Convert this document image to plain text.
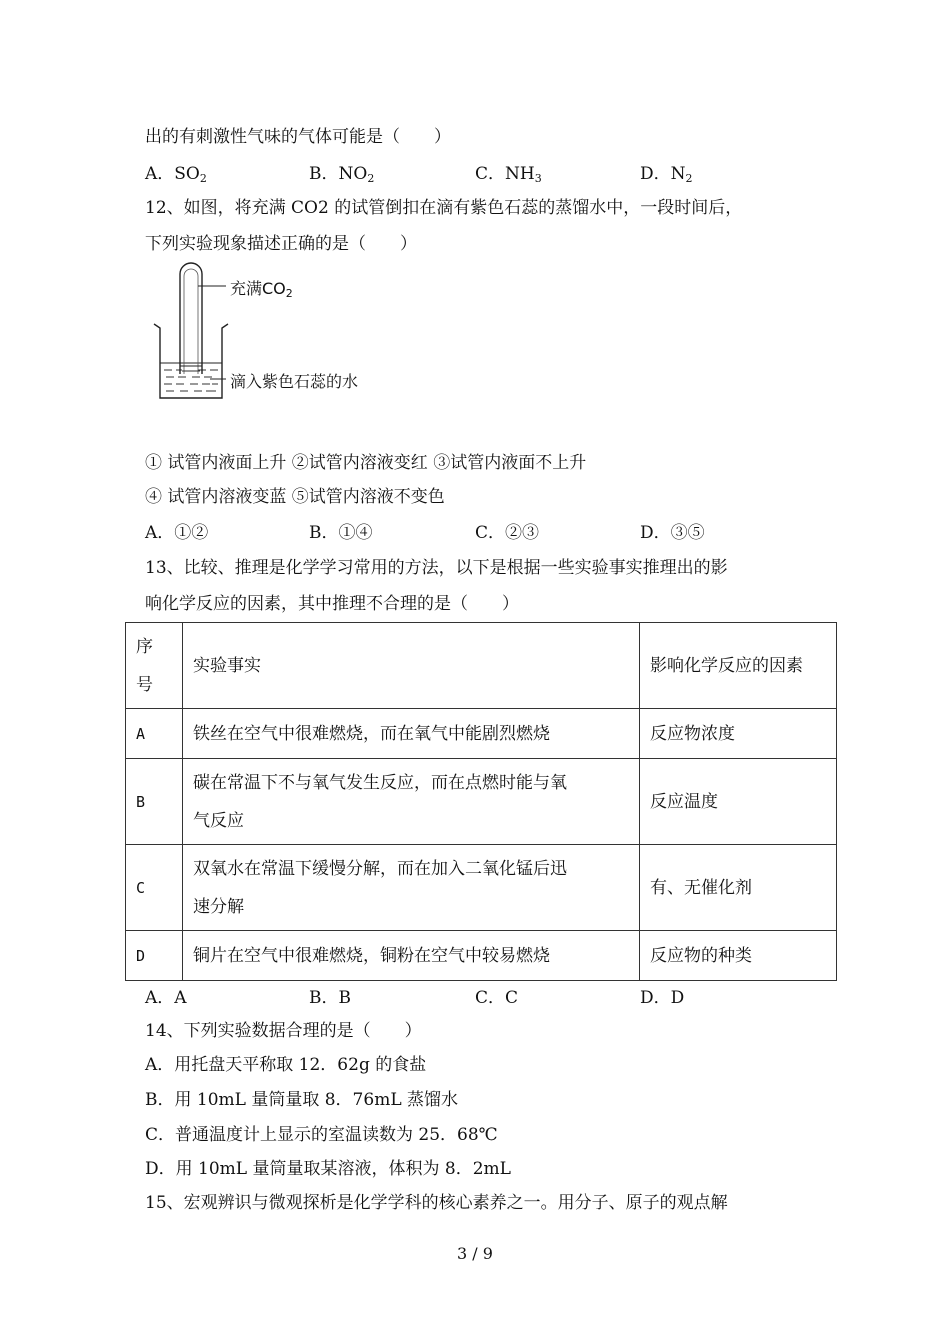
出的有刺激性气味的气体可能是（　　）
A．$SO_2$	B．$NO_2$	C．$NH_3$	D．$N_2$
12、如图，将充满 CO2 的试管倒扣在滴有紫色石蕊的蒸馏水中，一段时间后，
下列实验现象描述正确的是（　　）
充满$CO_2$
滴入紫色石蕊的水
① 试管内液面上升 ②试管内溶液变红 ③试管内液面不上升
④ 试管内溶液变蓝 ⑤试管内溶液不变色
A．①②	B．①④	C．②③	D．③⑤
13、比较、推理是化学学习常用的方法，以下是根据一些实验事实推理出的影
响化学反应的因素，其中推理不合理的是（　　）
序
号	实验事实	影响化学反应的因素
A	铁丝在空气中很难燃烧，而在氧气中能剧烈燃烧	反应物浓度
B	碳在常温下不与氧气发生反应，而在点燃时能与氧
气反应	反应温度
C	双氧水在常温下缓慢分解，而在加入二氧化锰后迅
速分解	有、无催化剂
D	铜片在空气中很难燃烧，铜粉在空气中较易燃烧	反应物的种类
A．A	B．B	C．C	D．D
14、下列实验数据合理的是（　　）
A．用托盘天平称取 12．62g 的食盐
B．用 10mL 量筒量取 8．76mL 蒸馏水
C．普通温度计上显示的室温读数为 25．68℃
D．用 10mL 量筒量取某溶液，体积为 8．2mL
15、宏观辨识与微观探析是化学学科的核心素养之一。用分子、原子的观点解
3 / 9
